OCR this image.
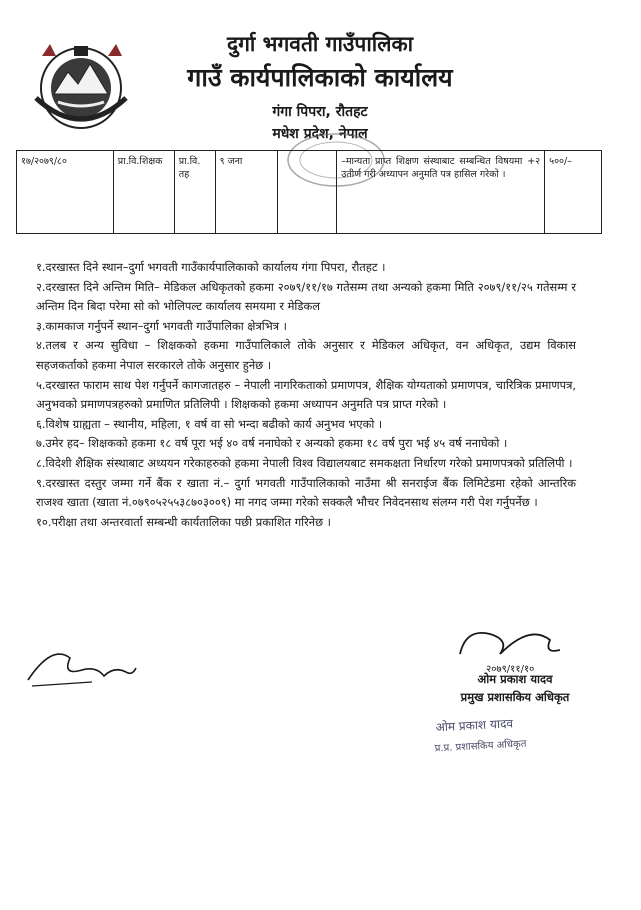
दुर्गा भगवती गाउँपालिका
गाउँ कार्यपालिकाको कार्यालय
गंगा पिपरा, रौतहट
मधेश प्रदेश, नेपाल
१७/२०७९/८०	प्रा.वि.शिक्षक	प्रा.वि. तह	९ जना		–मान्यता प्राप्त शिक्षण संस्थाबाट सम्बन्धित विषयमा +२ उतीर्ण गरी अध्यापन अनुमति पत्र हासिल गरेको ।	५००/–

१.दरखास्त दिने स्थान–दुर्गा भगवती गाउँकार्यपालिकाको कार्यालय गंगा पिपरा, रौतहट ।

२.दरखास्त दिने अन्तिम मिति– मेडिकल अधिकृतको हकमा २०७९/११/१७ गतेसम्म तथा अन्यको हकमा मिति २०७९/११/२५ गतेसम्म र अन्तिम दिन बिदा परेमा सो को भोलिपल्ट कार्यालय समयमा र मेडिकल

३.कामकाज गर्नुपर्ने स्थान–दुर्गा भगवती गाउँपालिका क्षेत्रभित्र ।

४.तलब र अन्य सुविधा – शिक्षकको हकमा गाउँपालिकाले तोके अनुसार र मेडिकल अधिकृत, वन अधिकृत, उद्यम विकास सहजकर्ताको हकमा नेपाल सरकारले तोके अनुसार हुनेछ ।

५.दरखास्त फाराम साथ पेश गर्नुपर्ने कागजातहरु – नेपाली नागरिकताको प्रमाणपत्र, शैक्षिक योग्यताको प्रमाणपत्र, चारित्रिक प्रमाणपत्र, अनुभवको प्रमाणपत्रहरुको प्रमाणित प्रतिलिपी । शिक्षकको हकमा अध्यापन अनुमति पत्र प्राप्त गरेको ।

६.विशेष ग्राह्यता – स्थानीय, महिला, १ वर्ष वा सो भन्दा बढीको कार्य अनुभव भएको ।

७.उमेर हद– शिक्षकको हकमा १८ वर्ष पूरा भई ४० वर्ष ननाघेको र अन्यको हकमा १८ वर्ष पुरा भई ४५ वर्ष ननाघेको ।

८.विदेशी शैक्षिक संस्थाबाट अध्ययन गरेकाहरुको हकमा नेपाली विश्व विद्यालयबाट समकक्षता निर्धारण गरेको प्रमाणपत्रको प्रतिलिपी ।

९.दरखास्त दस्तुर जम्मा गर्ने बैंक र खाता नं.– दुर्गा भगवती गाउँपालिकाको नाउँमा श्री सनराईज बैंक लिमिटेडमा रहेको आन्तरिक राजश्व खाता (खाता नं.०७९०५२५५३८७०३००९) मा नगद जम्मा गरेको सक्कलै भौचर निवेदनसाथ संलग्न गरी पेश गर्नुपर्नेछ ।

१०.परीक्षा तथा अन्तरवार्ता सम्बन्धी कार्यतालिका पछी प्रकाशित गरिनेछ ।

२०७९/११/१०
ओम प्रकाश यादव
प्रमुख प्रशासकिय अधिकृत
ओम प्रकाश यादव
प्र.प्र. प्रशासकिय अधिकृत
